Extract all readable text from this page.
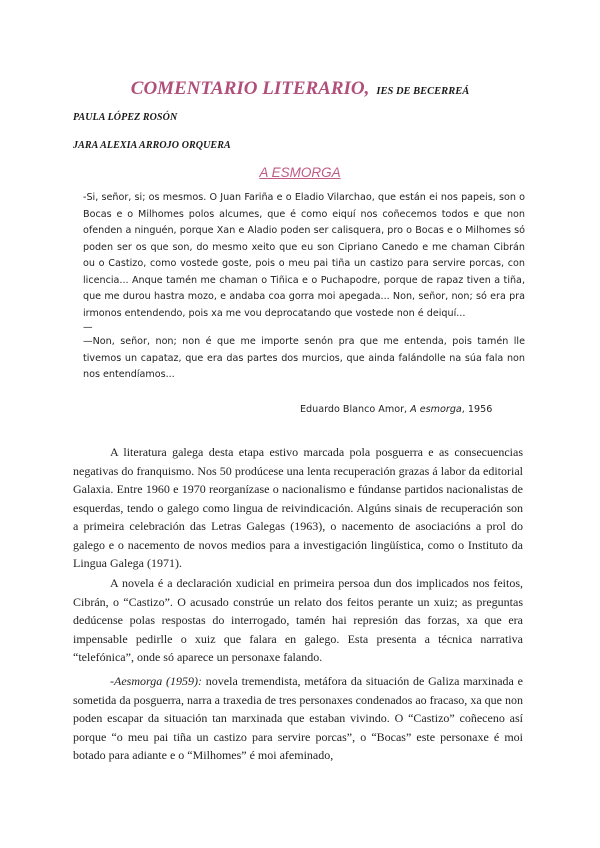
COMENTARIO LITERARIO, IES DE BECERREÁ
PAULA LÓPEZ ROSÓN
JARA ALEXIA ARROJO ORQUERA
A ESMORGA

-Si, señor, si; os mesmos. O Juan Fariña e o Eladio Vilarchao, que están ei nos papeis, son o Bocas e o Milhomes polos alcumes, que é como eiquí nos coñecemos todos e que non ofenden a ninguén, porque Xan e Aladio poden ser calisquera, pro o Bocas e o Milhomes só poden ser os que son, do mesmo xeito que eu son Cipriano Canedo e me chaman Cibrán ou o Castizo, como vostede goste, pois o meu pai tiña un castizo para servire porcas, con licencia... Anque tamén me chaman o Tiñica e o Puchapodre, porque de rapaz tiven a tiña, que me durou hastra mozo, e andaba coa gorra moi apegada... Non, señor, non; só era pra irmonos entendendo, pois xa me vou deprocatando que vostede non é deiquí...

—

—Non, señor, non; non é que me importe senón pra que me entenda, pois tamén lle tivemos un capataz, que era das partes dos murcios, que ainda falándolle na súa fala non nos entendíamos...

Eduardo Blanco Amor, A esmorga, 1956

A literatura galega desta etapa estivo marcada pola posguerra e as consecuencias negativas do franquismo. Nos 50 prodúcese una lenta recuperación grazas á labor da editorial Galaxia. Entre 1960 e 1970 reorganízase o nacionalismo e fúndanse partidos nacionalistas de esquerdas, tendo o galego como lingua de reivindicación. Algúns sinais de recuperación son a primeira celebración das Letras Galegas (1963), o nacemento de asociacións a prol do galego e o nacemento de novos medios para a investigación lingüística, como o Instituto da Lingua Galega (1971).

A novela é a declaración xudicial en primeira persoa dun dos implicados nos feitos, Cibrán, o “Castizo”. O acusado constrúe un relato dos feitos perante un xuiz; as preguntas dedúcense polas respostas do interrogado, tamén hai represión das forzas, xa que era impensable pedirlle o xuiz que falara en galego. Esta presenta a técnica narrativa “telefónica”, onde só aparece un personaxe falando.

-Aesmorga (1959): novela tremendista, metáfora da situación de Galiza marxinada e sometida da posguerra, narra a traxedia de tres personaxes condenados ao fracaso, xa que non poden escapar da situación tan marxinada que estaban vivindo. O “Castizo” coñeceno así porque “o meu pai tiña un castizo para servire porcas”, o “Bocas” este personaxe é moi botado para adiante e o “Milhomes” é moi afeminado,
